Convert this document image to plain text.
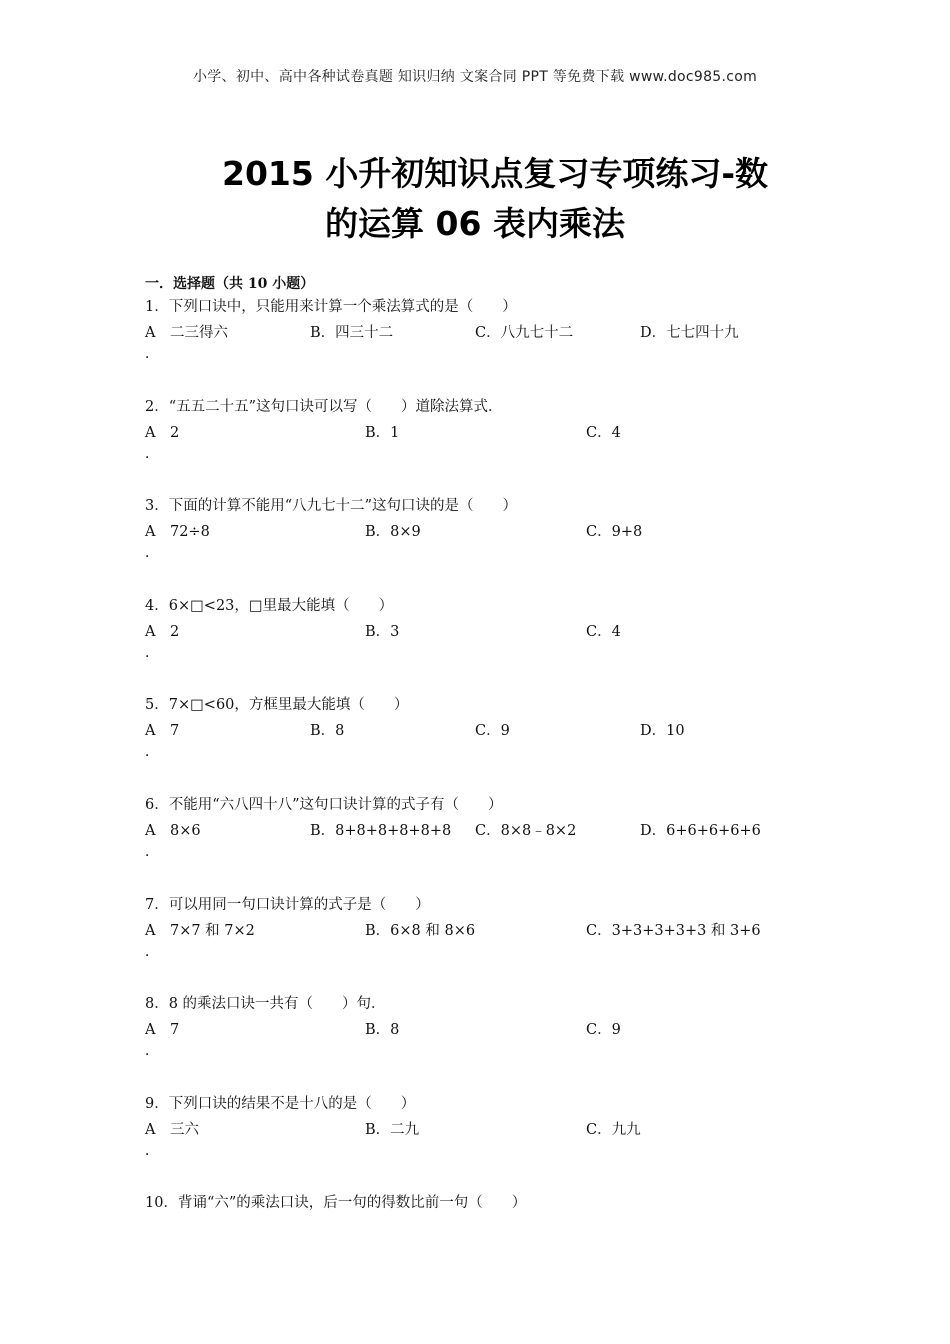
小学、初中、高中各种试卷真题 知识归纳 文案合同 PPT 等免费下载 www.doc985.com
2015 小升初知识点复习专项练习-数
的运算 06 表内乘法
一．选择题（共 10 小题）
1．下列口诀中，只能用来计算一个乘法算式的是（　　）
A　二三得六	B．四三十二	C．八九七十二	D．七七四十九
．
2．“五五二十五”这句口诀可以写（　　）道除法算式．
A　2	B．1	C．4
．
3．下面的计算不能用“八九七十二”这句口诀的是（　　）
A　72÷8	B．8×9	C．9+8
．
4．6×□<23，□里最大能填（　　）
A　2	B．3	C．4
．
5．7×□<60，方框里最大能填（　　）
A　7	B．8	C．9	D．10
．
6．不能用“六八四十八”这句口诀计算的式子有（　　）
A　8×6	B．8+8+8+8+8+8 C．8×8﹣8×2	D．6+6+6+6+6
．
7．可以用同一句口诀计算的式子是（　　）
A　7×7 和 7×2	B．6×8 和 8×6	C．3+3+3+3+3 和 3+6
．
8．8 的乘法口诀一共有（　　）句．
A　7	B．8	C．9
．
9．下列口诀的结果不是十八的是（　　）
A　三六	B．二九	C．九九
．
10．背诵“六”的乘法口诀，后一句的得数比前一句（　　）
